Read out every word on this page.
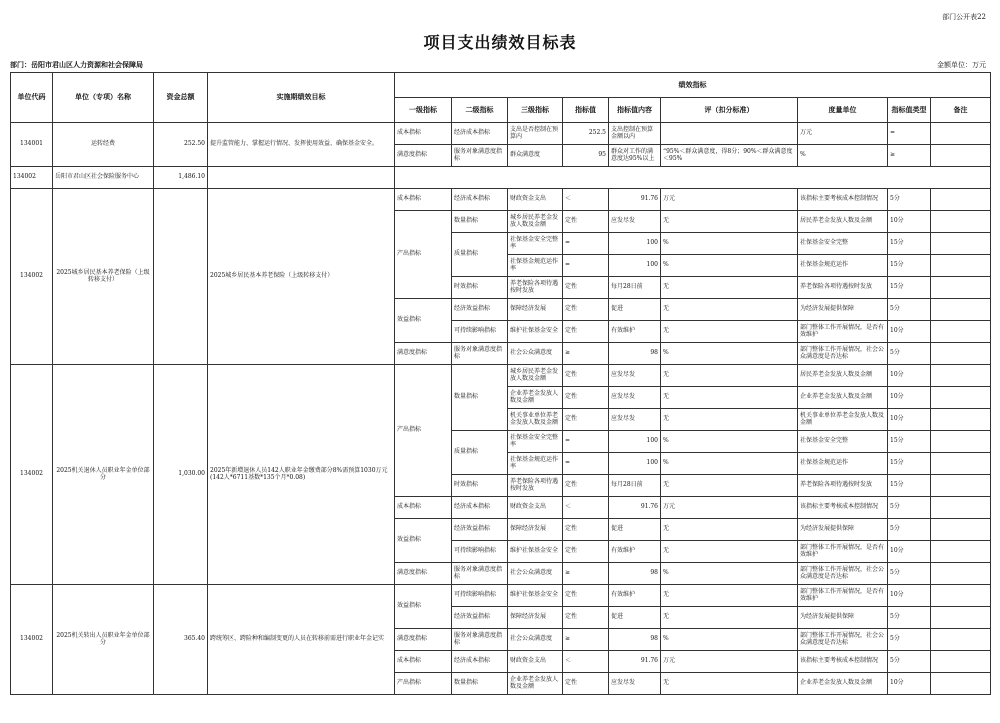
部门公开表22
项目支出绩效目标表
部门：岳阳市君山区人力资源和社会保障局	金额单位：万元
单位代码	单位（专项）名称	资金总额	实施期绩效目标	绩效指标								
				一级指标	二级指标	三级指标	指标值	指标值内容	评（扣分标准）	度量单位	指标值类型	备注
134001	运转经费	252.50	提升监管能力、掌握运行情况、发挥使用效益、确保基金安全。	成本指标	经济成本指标	支出是否控制在预算内	252.5	支出控制在预算金额以内		万元	=	
				满意度指标	服务对象满意度指标	群众满意度	95	群众对工作的满意度达95%以上	“95%＜群众满意度，得8分；90%＜群众满意度＜95%	%	≥	
134002	岳阳市君山区社会保险服务中心	1,486.10										
134002	2025城乡居民基本养老保险（上级转移支付）		2025城乡居民基本养老保险（上级转移支付）	成本指标	经济成本指标	财政资金支出	＜	91.76	万元	该指标主要考核成本控制情况	5分	
				产出指标	数量指标	城乡居民养老金发放人数及金额	定性	应发尽发	无	居民养老金发放人数及金额	10分	
					质量指标	社保基金安全完整率	=	100	%	社保基金安全完整	15分	
						社保基金规范运作率	=	100	%	社保基金规范运作	15分	
					时效指标	养老保险各项待遇按时发放	定性	每月28日前	无	养老保险各项待遇按时发放	15分	
				效益指标	经济效益指标	保障经济发展	定性	促进	无	为经济发展提供保障	5分	
					可持续影响指标	维护社保基金安全	定性	有效维护	无	部门整体工作开展情况，是否有效维护	10分	
				满意度指标	服务对象满意度指标	社会公众满意度	≥	98	%	部门整体工作开展情况，社会公众满意度是否达标	5分	
134002	2025机关退休人员职业年金单位部分	1,030.00	2025年新增退休人员142人职业年金缴费部分8%需预算1030万元(142人*6711基数*135个月*0.08)	产出指标	数量指标	城乡居民养老金发放人数及金额	定性	应发尽发	无	居民养老金发放人数及金额	10分	
						企业养老金发放人数及金额	定性	应发尽发	无	企业养老金发放人数及金额	10分	
						机关事业单位养老金发放人数及金额	定性	应发尽发	无	机关事业单位养老金发放人数及金额	10分	
					质量指标	社保基金安全完整率	=	100	%	社保基金安全完整	15分	
						社保基金规范运作率	=	100	%	社保基金规范运作	15分	
					时效指标	养老保险各项待遇按时发放	定性	每月28日前	无	养老保险各项待遇按时发放	15分	
				成本指标	经济成本指标	财政资金支出	＜	91.76	万元	该指标主要考核成本控制情况	5分	
				效益指标	经济效益指标	保障经济发展	定性	促进	无	为经济发展提供保障	5分	
					可持续影响指标	维护社保基金安全	定性	有效维护	无	部门整体工作开展情况，是否有效维护	10分	
				满意度指标	服务对象满意度指标	社会公众满意度	≥	98	%	部门整体工作开展情况，社会公众满意度是否达标	5分	
134002	2025机关转出人员职业年金单位部分	365.40	跨统筹区、跨险种和编制变更的人员在转移前需进行职业年金记实	效益指标	可持续影响指标	维护社保基金安全	定性	有效维护	无	部门整体工作开展情况，是否有效维护	10分	
					经济效益指标	保障经济发展	定性	促进	无	为经济发展提供保障	5分	
				满意度指标	服务对象满意度指标	社会公众满意度	≥	98	%	部门整体工作开展情况，社会公众满意度是否达标	5分	
				成本指标	经济成本指标	财政资金支出	＜	91.76	万元	该指标主要考核成本控制情况	5分	
				产出指标	数量指标	企业养老金发放人数及金额	定性	应发尽发	无	企业养老金发放人数及金额	10分	
